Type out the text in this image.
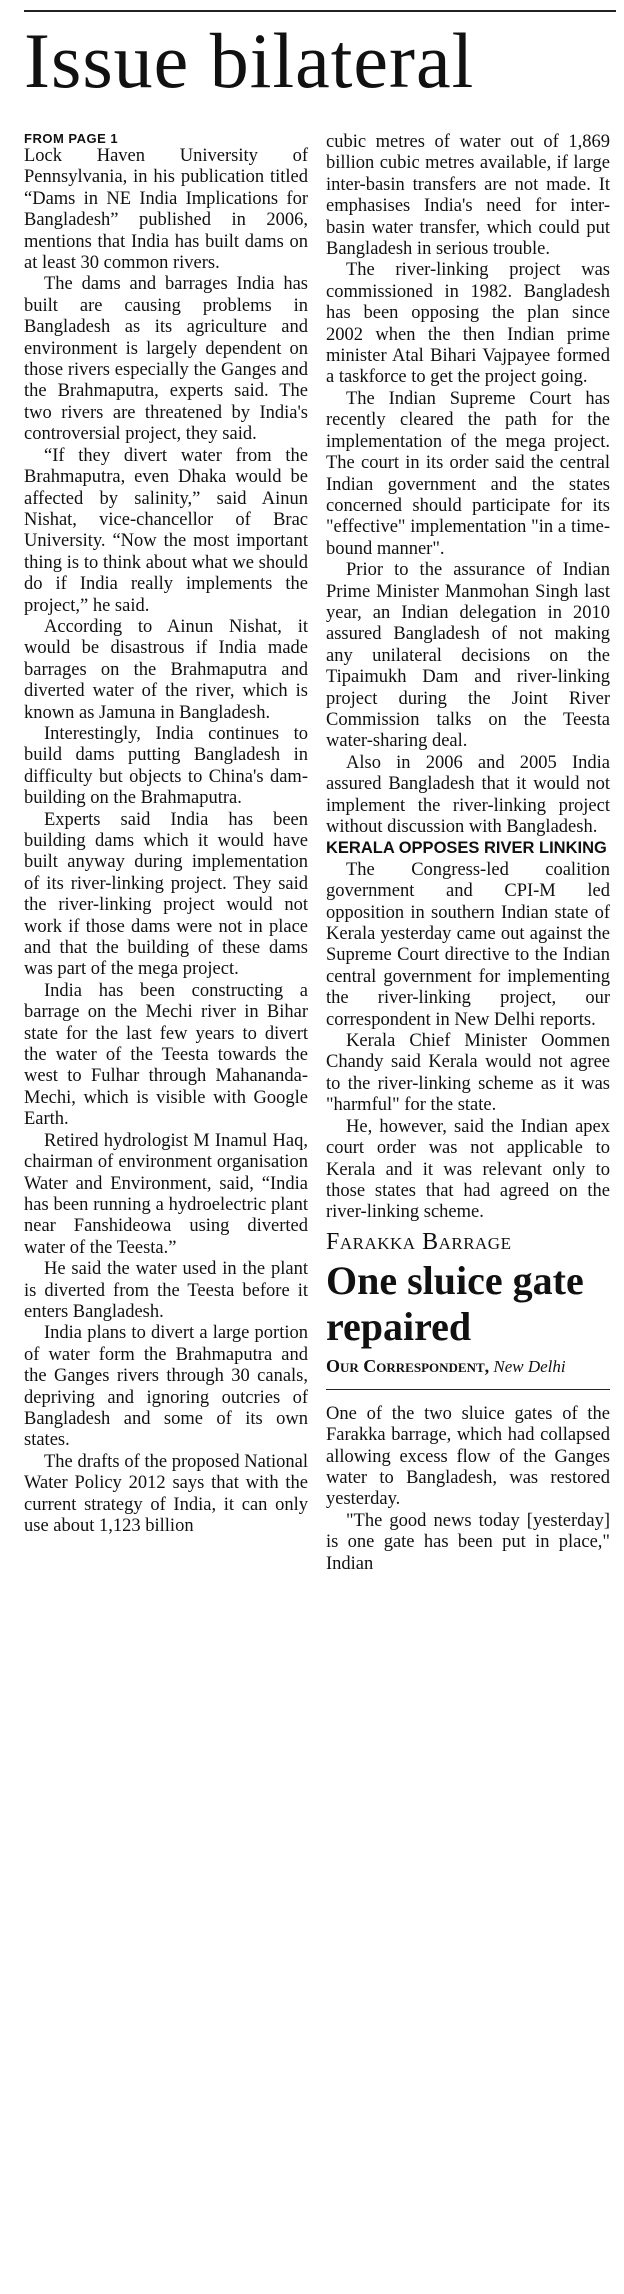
Issue bilateral
FROM PAGE 1

Lock Haven University of Pennsylvania, in his publication titled “Dams in NE India Implications for Bangladesh” published in 2006, mentions that India has built dams on at least 30 common rivers.

The dams and barrages India has built are causing problems in Bangladesh as its agriculture and environment is largely dependent on those rivers especially the Ganges and the Brahmaputra, experts said. The two rivers are threatened by India's controversial project, they said.

“If they divert water from the Brahmaputra, even Dhaka would be affected by salinity,” said Ainun Nishat, vice-chancellor of Brac University. “Now the most important thing is to think about what we should do if India really implements the project,” he said.

According to Ainun Nishat, it would be disastrous if India made barrages on the Brahmaputra and diverted water of the river, which is known as Jamuna in Bangladesh.

Interestingly, India continues to build dams putting Bangladesh in difficulty but objects to China's dam-building on the Brahmaputra.

Experts said India has been building dams which it would have built anyway during implementation of its river-linking project. They said the river-linking project would not work if those dams were not in place and that the building of these dams was part of the mega project.

India has been constructing a barrage on the Mechi river in Bihar state for the last few years to divert the water of the Teesta towards the west to Fulhar through Mahananda-Mechi, which is visible with Google Earth.

Retired hydrologist M Inamul Haq, chairman of environment organisation Water and Environment, said, “India has been running a hydroelectric plant near Fanshideowa using diverted water of the Teesta.”

He said the water used in the plant is diverted from the Teesta before it enters Bangladesh.

India plans to divert a large portion of water form the Brahmaputra and the Ganges rivers through 30 canals, depriving and ignoring outcries of Bangladesh and some of its own states.

The drafts of the proposed National Water Policy 2012 says that with the current strategy of India, it can only use about 1,123 billion

cubic metres of water out of 1,869 billion cubic metres available, if large inter-basin transfers are not made. It emphasises India's need for inter-basin water transfer, which could put Bangladesh in serious trouble.

The river-linking project was commissioned in 1982. Bangladesh has been opposing the plan since 2002 when the then Indian prime minister Atal Bihari Vajpayee formed a taskforce to get the project going.

The Indian Supreme Court has recently cleared the path for the implementation of the mega project. The court in its order said the central Indian government and the states concerned should participate for its "effective" implementation "in a time-bound manner".

Prior to the assurance of Indian Prime Minister Manmohan Singh last year, an Indian delegation in 2010 assured Bangladesh of not making any unilateral decisions on the Tipaimukh Dam and river-linking project during the Joint River Commission talks on the Teesta water-sharing deal.

Also in 2006 and 2005 India assured Bangladesh that it would not implement the river-linking project without discussion with Bangladesh.

KERALA OPPOSES RIVER LINKING

The Congress-led coalition government and CPI-M led opposition in southern Indian state of Kerala yesterday came out against the Supreme Court directive to the Indian central government for implementing the river-linking project, our correspondent in New Delhi reports.

Kerala Chief Minister Oommen Chandy said Kerala would not agree to the river-linking scheme as it was "harmful" for the state.

He, however, said the Indian apex court order was not applicable to Kerala and it was relevant only to those states that had agreed on the river-linking scheme.

Farakka Barrage
One sluice gate repaired
Our Correspondent, New Delhi

One of the two sluice gates of the Farakka barrage, which had collapsed allowing excess flow of the Ganges water to Bangladesh, was restored yesterday.

"The good news today [yesterday] is one gate has been put in place," Indian
